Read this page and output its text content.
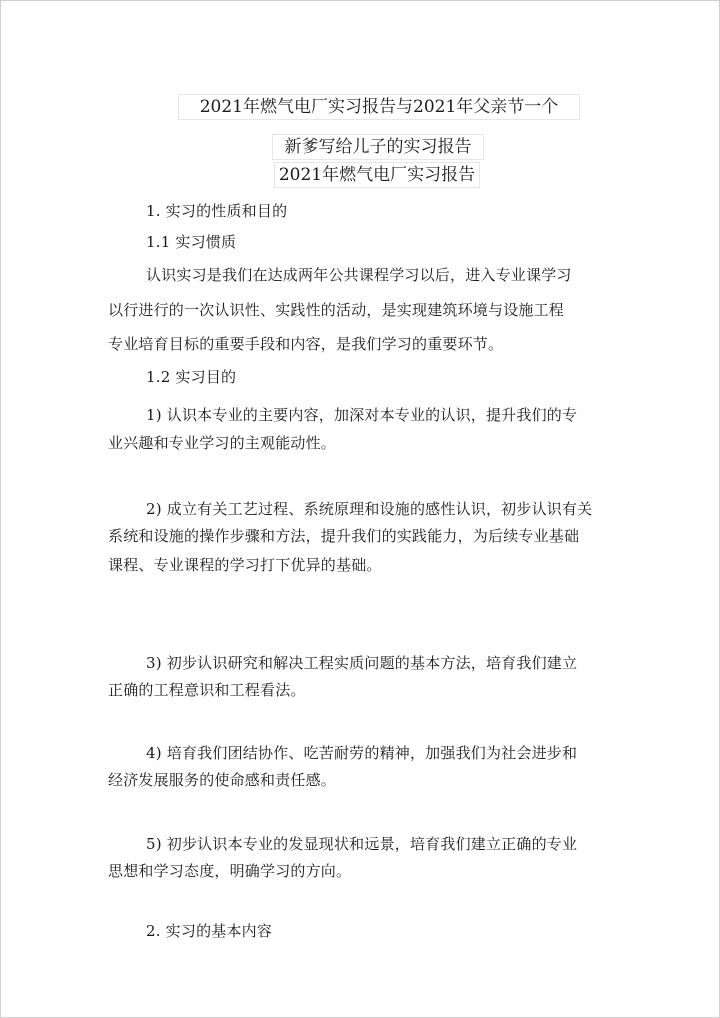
2021年燃气电厂实习报告与2021年父亲节一个
新爹写给儿子的实习报告
2021年燃气电厂实习报告
1. 实习的性质和目的
1.1 实习惯质
认识实习是我们在达成两年公共课程学习以后，进入专业课学习
以行进行的一次认识性、实践性的活动，是实现建筑环境与设施工程
专业培育目标的重要手段和内容，是我们学习的重要环节。
1.2 实习目的
1) 认识本专业的主要内容，加深对本专业的认识，提升我们的专
业兴趣和专业学习的主观能动性。
2) 成立有关工艺过程、系统原理和设施的感性认识，初步认识有关
系统和设施的操作步骤和方法，提升我们的实践能力，为后续专业基础
课程、专业课程的学习打下优异的基础。
3) 初步认识研究和解决工程实质问题的基本方法，培育我们建立
正确的工程意识和工程看法。
4) 培育我们团结协作、吃苦耐劳的精神，加强我们为社会进步和
经济发展服务的使命感和责任感。
5) 初步认识本专业的发显现状和远景，培育我们建立正确的专业
思想和学习态度，明确学习的方向。
2. 实习的基本内容
